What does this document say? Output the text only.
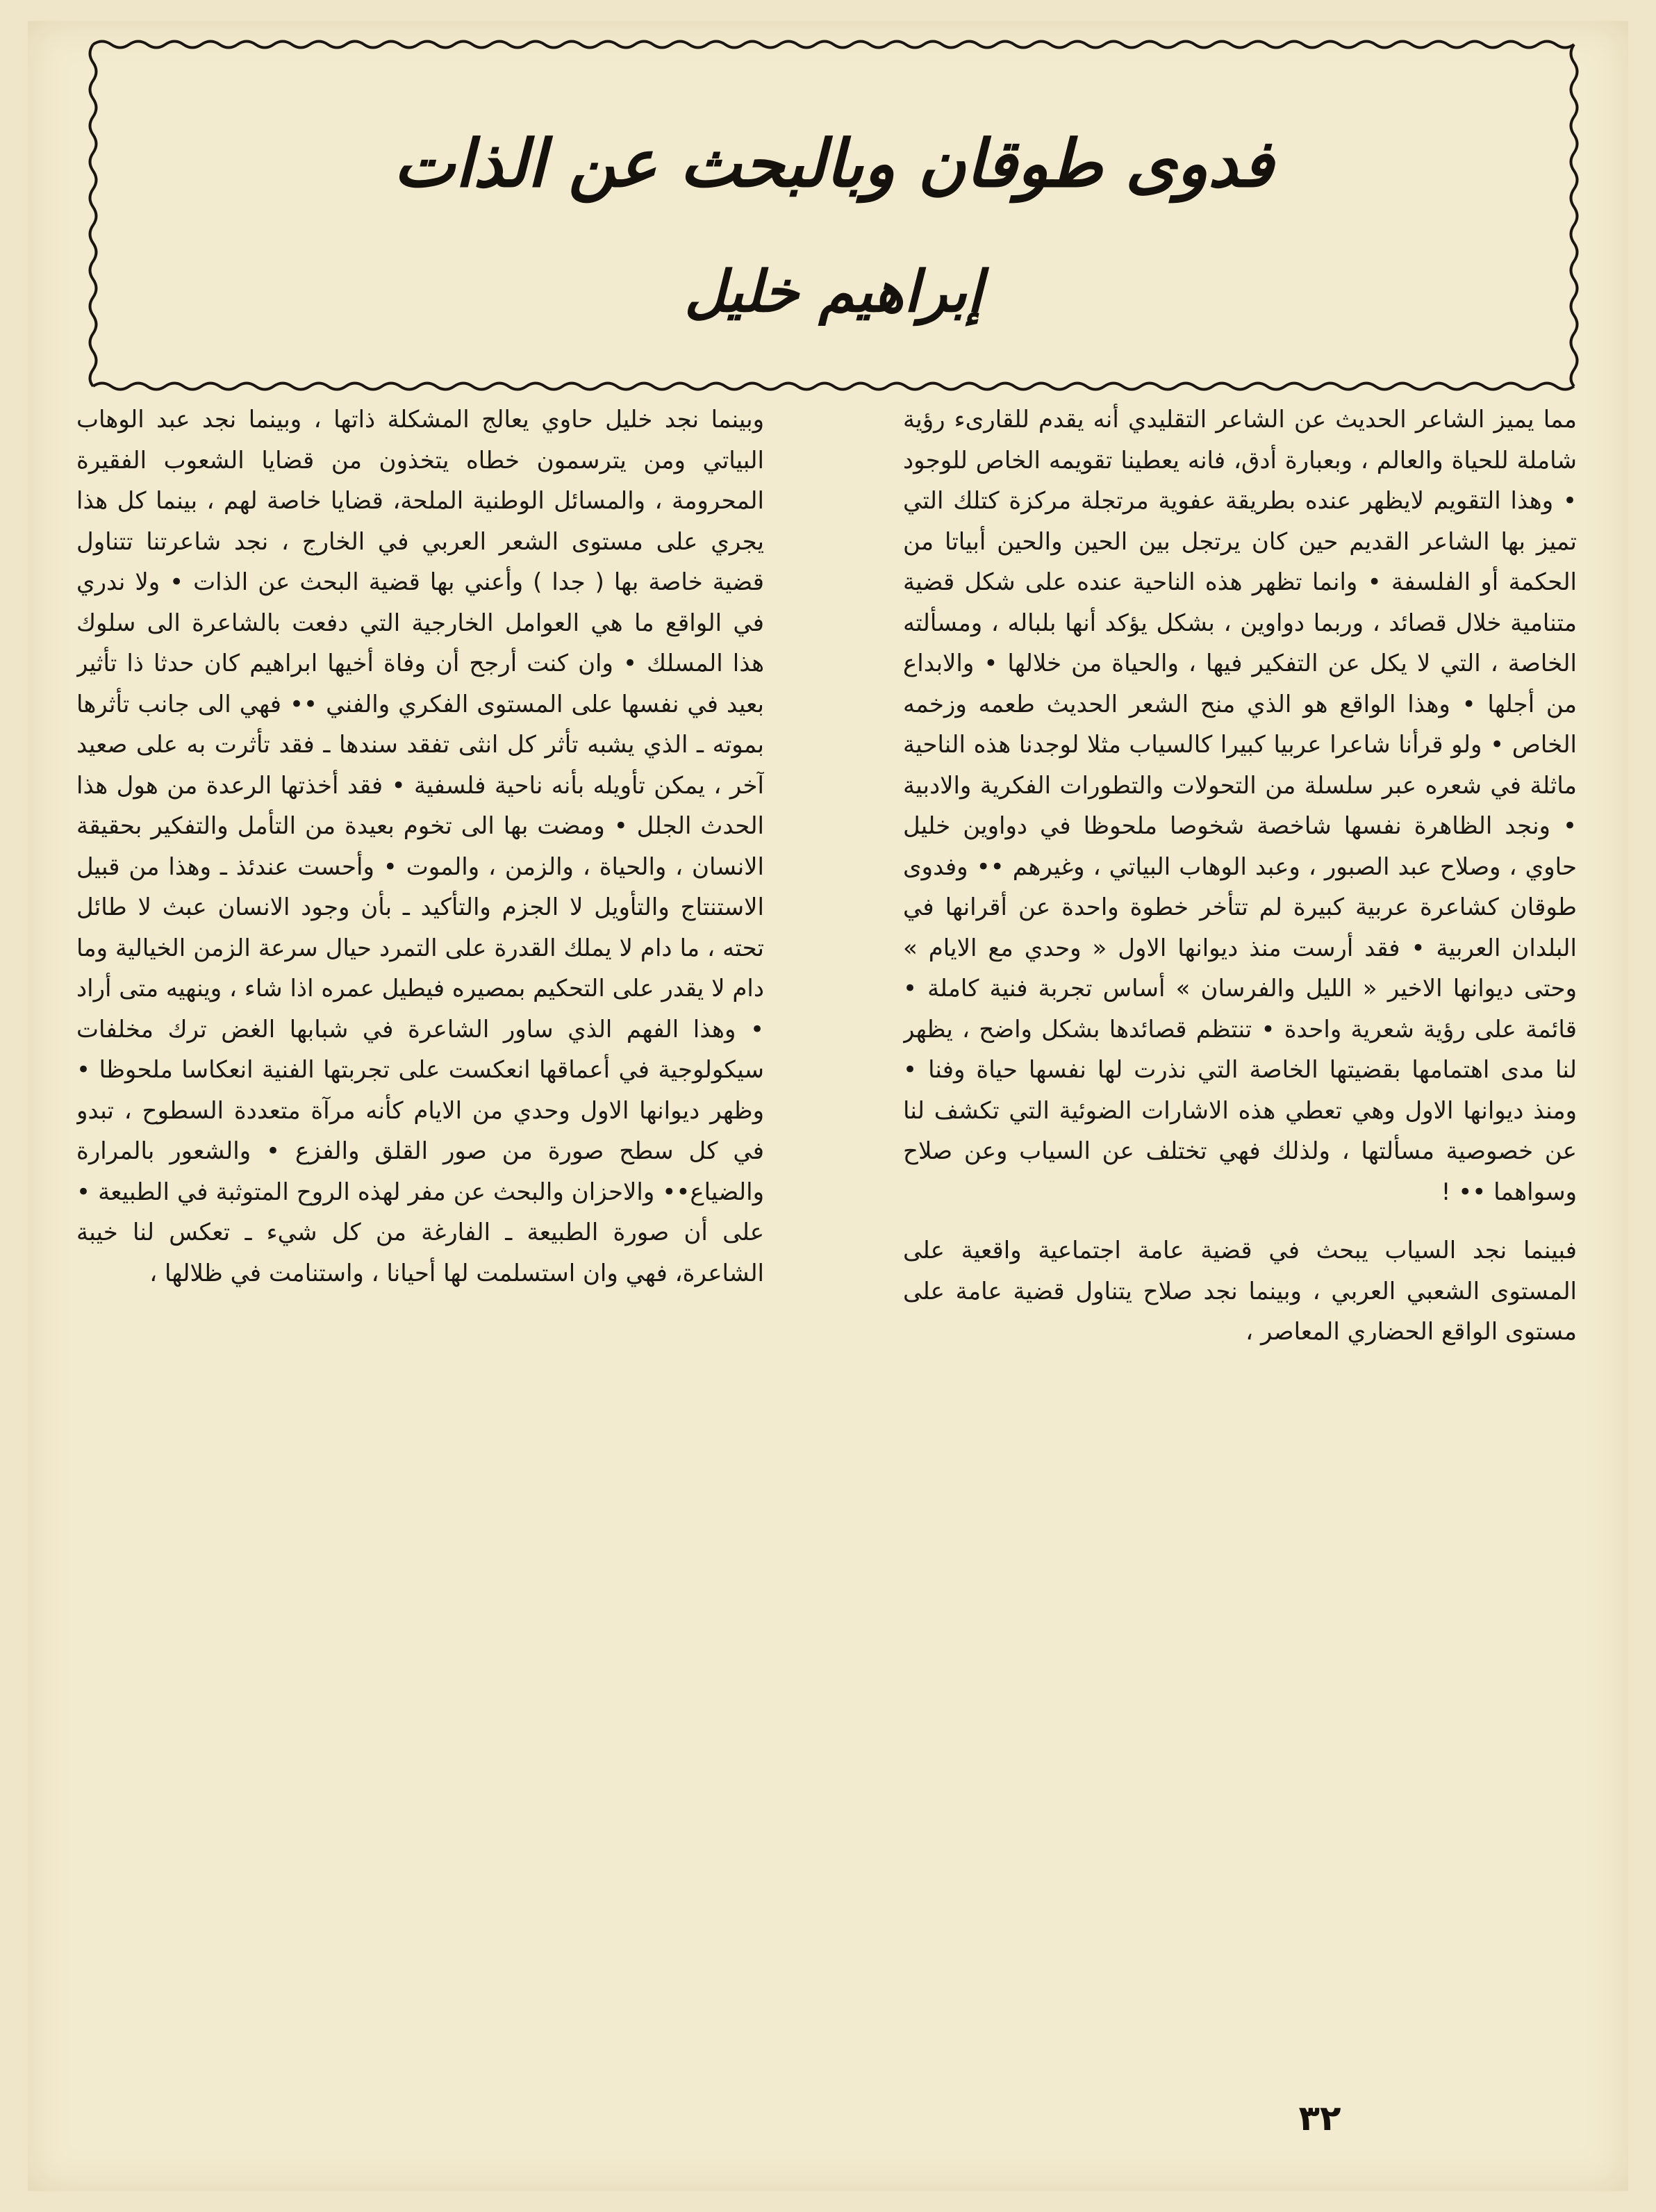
فدوى طوقان وبالبحث عن الذات
إبراهيم خليل

مما يميز الشاعر الحديث عن الشاعر التقليدي أنه يقدم للقارىء رؤية شاملة للحياة والعالم ، وبعبارة أدق، فانه يعطينا تقويمه الخاص للوجود • وهذا التقويم لايظهر عنده بطريقة عفوية مرتجلة مركزة كتلك التي تميز بها الشاعر القديم حين كان يرتجل بين الحين والحين أبياتا من الحكمة أو الفلسفة • وانما تظهر هذه الناحية عنده على شكل قضية متنامية خلال قصائد ، وربما دواوين ، بشكل يؤكد أنها بلباله ، ومسألته الخاصة ، التي لا يكل عن التفكير فيها ، والحياة من خلالها • والابداع من أجلها • وهذا الواقع هو الذي منح الشعر الحديث طعمه وزخمه الخاص • ولو قرأنا شاعرا عربيا كبيرا كالسياب مثلا لوجدنا هذه الناحية ماثلة في شعره عبر سلسلة من التحولات والتطورات الفكرية والادبية • ونجد الظاهرة نفسها شاخصة شخوصا ملحوظا في دواوين خليل حاوي ، وصلاح عبد الصبور ، وعبد الوهاب البياتي ، وغيرهم •• وفدوى طوقان كشاعرة عربية كبيرة لم تتأخر خطوة واحدة عن أقرانها في البلدان العربية • فقد أرست منذ ديوانها الاول « وحدي مع الايام » وحتى ديوانها الاخير « الليل والفرسان » أساس تجربة فنية كاملة • قائمة على رؤية شعرية واحدة • تنتظم قصائدها بشكل واضح ، يظهر لنا مدى اهتمامها بقضيتها الخاصة التي نذرت لها نفسها حياة وفنا • ومنذ ديوانها الاول وهي تعطي هذه الاشارات الضوئية التي تكشف لنا عن خصوصية مسألتها ، ولذلك فهي تختلف عن السياب وعن صلاح وسواهما •• !

فبينما نجد السياب يبحث في قضية عامة اجتماعية واقعية على المستوى الشعبي العربي ، وبينما نجد صلاح يتناول قضية عامة على مستوى الواقع الحضاري المعاصر ،

وبينما نجد خليل حاوي يعالج المشكلة ذاتها ، وبينما نجد عبد الوهاب البياتي ومن يترسمون خطاه يتخذون من قضايا الشعوب الفقيرة المحرومة ، والمسائل الوطنية الملحة، قضايا خاصة لهم ، بينما كل هذا يجري على مستوى الشعر العربي في الخارج ، نجد شاعرتنا تتناول قضية خاصة بها ( جدا ) وأعني بها قضية البحث عن الذات • ولا ندري في الواقع ما هي العوامل الخارجية التي دفعت بالشاعرة الى سلوك هذا المسلك • وان كنت أرجح أن وفاة أخيها ابراهيم كان حدثا ذا تأثير بعيد في نفسها على المستوى الفكري والفني •• فهي الى جانب تأثرها بموته ـ الذي يشبه تأثر كل انثى تفقد سندها ـ فقد تأثرت به على صعيد آخر ، يمكن تأويله بأنه ناحية فلسفية • فقد أخذتها الرعدة من هول هذا الحدث الجلل • ومضت بها الى تخوم بعيدة من التأمل والتفكير بحقيقة الانسان ، والحياة ، والزمن ، والموت • وأحست عندئذ ـ وهذا من قبيل الاستنتاج والتأويل لا الجزم والتأكيد ـ بأن وجود الانسان عبث لا طائل تحته ، ما دام لا يملك القدرة على التمرد حيال سرعة الزمن الخيالية وما دام لا يقدر على التحكيم بمصيره فيطيل عمره اذا شاء ، وينهيه متى أراد • وهذا الفهم الذي ساور الشاعرة في شبابها الغض ترك مخلفات سيكولوجية في أعماقها انعكست على تجربتها الفنية انعكاسا ملحوظا • وظهر ديوانها الاول وحدي من الايام كأنه مرآة متعددة السطوح ، تبدو في كل سطح صورة من صور القلق والفزع • والشعور بالمرارة والضياع•• والاحزان والبحث عن مفر لهذه الروح المتوثبة في الطبيعة • على أن صورة الطبيعة ـ الفارغة من كل شيء ـ تعكس لنا خيبة الشاعرة، فهي وان استسلمت لها أحيانا ، واستنامت في ظلالها ،

٣٢
